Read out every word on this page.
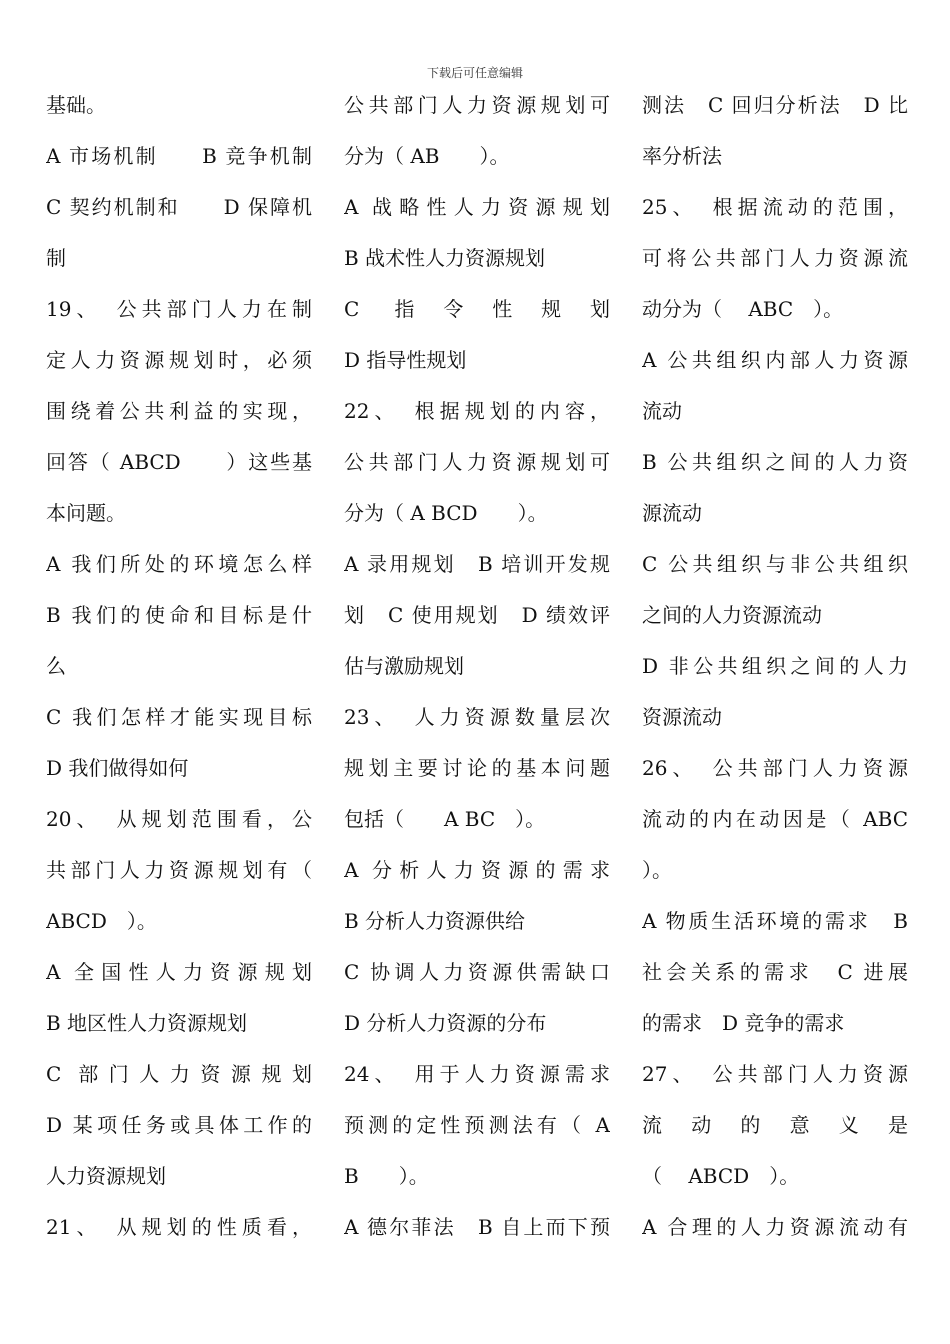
下载后可任意编辑
基础。
A 市场机制　　B 竞争机制
C 契约机制和　　D 保障机
制
19、　公共部门人力在制
定人力资源规划时，必须
围绕着公共利益的实现，
回答（ ABCD　　）这些基
本问题。
A 我们所处的环境怎么样
B 我们的使命和目标是什
么
C 我们怎样才能实现目标
D 我们做得如何
20、　从规划范围看，公
共部门人力资源规划有（
ABCD　）。
A 全国性人力资源规划
B 地区性人力资源规划
C 部门人力资源规划
D 某项任务或具体工作的
人力资源规划
21、　从规划的性质看，
公共部门人力资源规划可
分为（ AB　　）。
A 战略性人力资源规划
B 战术性人力资源规划
C 指令性规划
D 指导性规划
22、　根据规划的内容，
公共部门人力资源规划可
分为（ A BCD　　）。
A 录用规划　B 培训开发规
划　C 使用规划　D 绩效评
估与激励规划
23、　人力资源数量层次
规划主要讨论的基本问题
包括（　　A BC　）。
A 分析人力资源的需求
B 分析人力资源供给
C 协调人力资源供需缺口
D 分析人力资源的分布
24、　用于人力资源需求
预测的定性预测法有（ A
B　　）。
A 德尔菲法　B 自上而下预
测法　C 回归分析法　D 比
率分析法
25、　根据流动的范围，
可将公共部门人力资源流
动分为（　 ABC　）。
A 公共组织内部人力资源
流动
B 公共组织之间的人力资
源流动
C 公共组织与非公共组织
之间的人力资源流动
D 非公共组织之间的人力
资源流动
26、　公共部门人力资源
流动的内在动因是（ ABC
）。
A 物质生活环境的需求　B
社会关系的需求　C 进展
的需求　D 竞争的需求
27、　公共部门人力资源
流动的意义是
（　 ABCD　）。
A 合理的人力资源流动有
